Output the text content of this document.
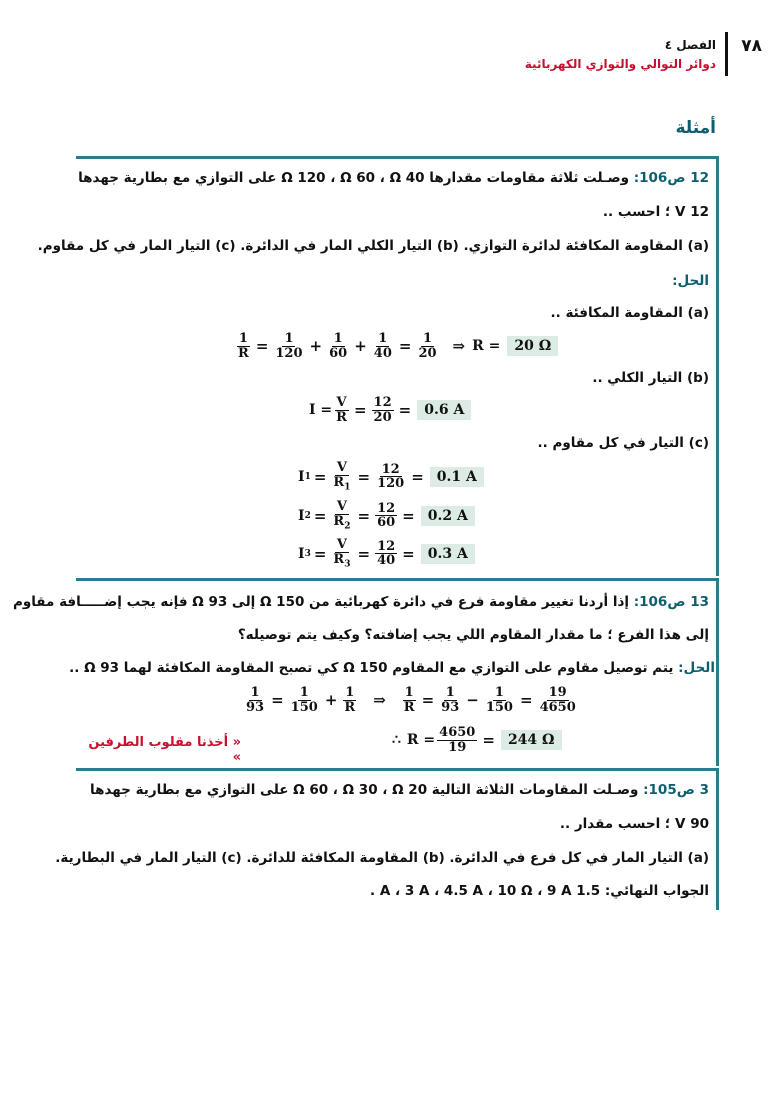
٧٨
الفصل ٤
دوائر التوالي والتوازي الكهربائية
أمثلة
12 ص106: وصـلت ثلاثة مقاومات مقدارها Ω 120 ، Ω 60 ، Ω 40 على التوازي مع بطارية جهدها
12 V ؛ احسب ..
(a) المقاومة المكافئة لدائرة التوازي. (b) التيار الكلي المار في الدائرة. (c) التيار المار في كل مقاوم.
الحل:
(a) المقاومة المكافئة ..
$\frac{1}{R} = \frac{1}{120} + \frac{1}{60} + \frac{1}{40} = \frac{1}{20}$ ⇒ R =	20 Ω
(b) التيار الكلي ..
$I = \frac{V}{R} = \frac{12}{20} = 0.6$ A
(c) التيار في كل مقاوم ..
I $1 = \frac{V}{R_1} = \frac{12}{120} = 0.1$ A
I $2 = \frac{V}{R_2} = \frac{12}{60} = 0.2$ A
I $3 = \frac{V}{R_3} = \frac{12}{40} = 0.3$ A
13 ص106: إذا أردنا تغيير مقاومة فرع في دائرة كهربائية من Ω 150 إلى Ω 93 فإنه يجب إضـــــافة مقاوم
إلى هذا الفرع ؛ ما مقدار المقاوم اللي يجب إضافته؟ وكيف يتم توصيله؟
الحل: يتم توصيل مقاوم على التوازي مع المقاوم Ω 150 كي تصبح المقاومة المكافئة لهما Ω 93 ..
$\frac{1}{93} = \frac{1}{150} + \frac{1}{R}$ ⇒ $\frac{1}{R} = \frac{1}{93} - \frac{1}{150} = \frac{19}{4650}$
∴ $R = \frac{4650}{19} = 244$ Ω
« أخذنا مقلوب الطرفين »
3 ص105: وصـلت المقاومات الثلاثة التالية Ω 60 ، Ω 30 ، Ω 20 على التوازي مع بطارية جهدها
90 V ؛ احسب مقدار ..
(a) التيار المار في كل فرع في الدائرة. (b) المقاومة المكافئة للدائرة. (c) التيار المار في البطارية.
الجواب النهائي: 1.5 A ، 3 A ، 4.5 A ، 10 Ω ، 9 A .
